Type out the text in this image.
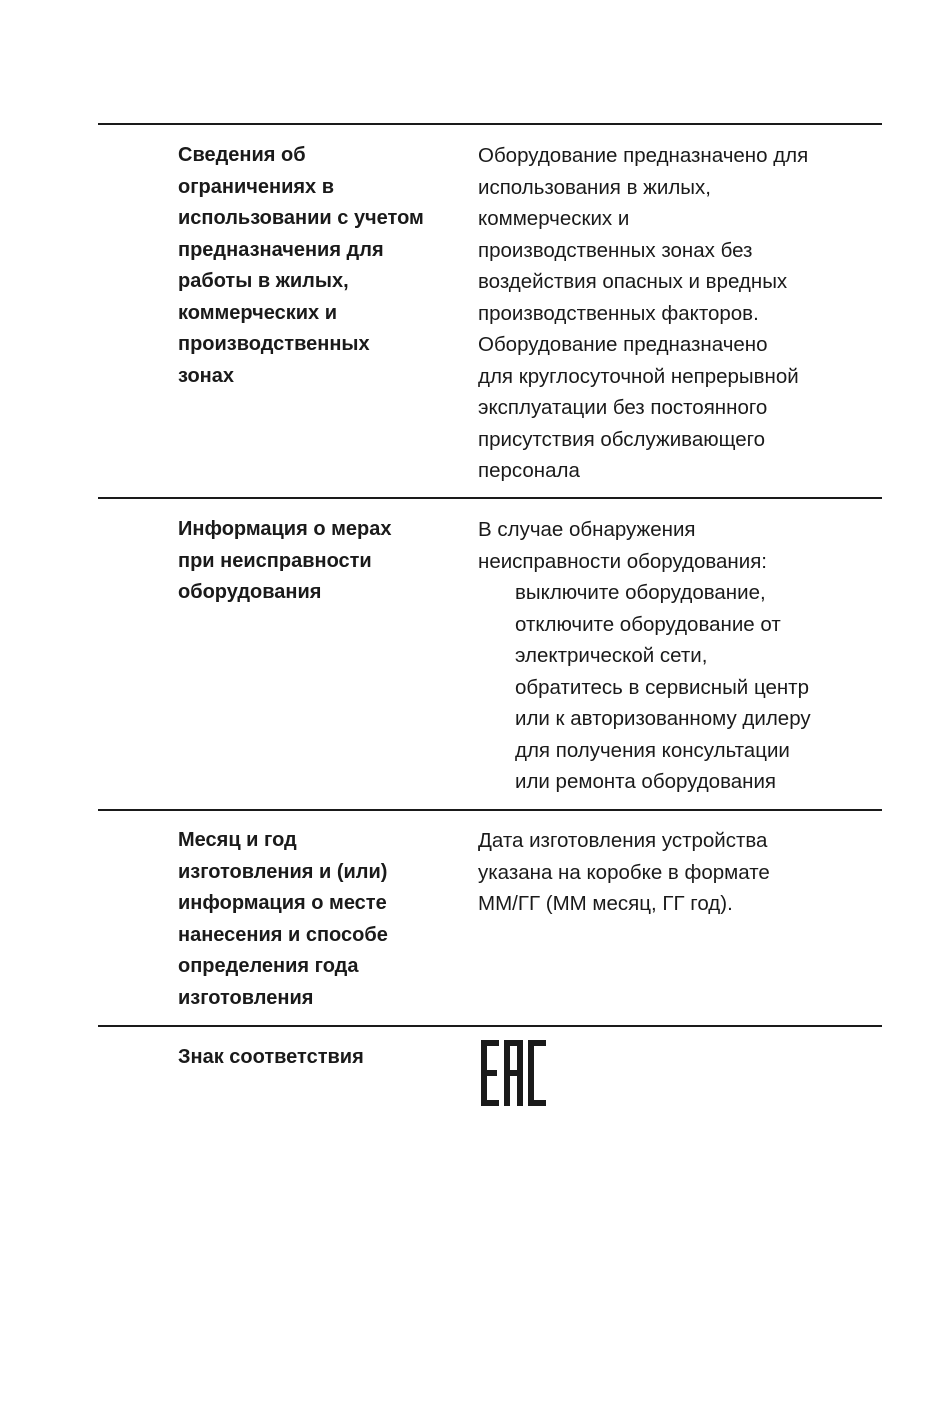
Сведения об
ограничениях в
использовании с учетом
предназначения для
работы в жилых,
коммерческих и
производственных
зонах
Оборудование предназначено для
использования в жилых,
коммерческих и
производственных зонах без
воздействия опасных и вредных
производственных факторов.
Оборудование предназначено
для круглосуточной непрерывной
эксплуатации без постоянного
присутствия обслуживающего
персонала
Информация о мерах
при неисправности
оборудования
В случае обнаружения
неисправности оборудования:
выключите оборудование,
отключите оборудование от
электрической сети,
обратитесь в сервисный центр
или к авторизованному дилеру
для получения консультации
или ремонта оборудования
Месяц и год
изготовления и (или)
информация о месте
нанесения и способе
определения года
изготовления
Дата изготовления устройства
указана на коробке в формате
ММ/ГГ (ММ месяц, ГГ год).
Знак соответствия
